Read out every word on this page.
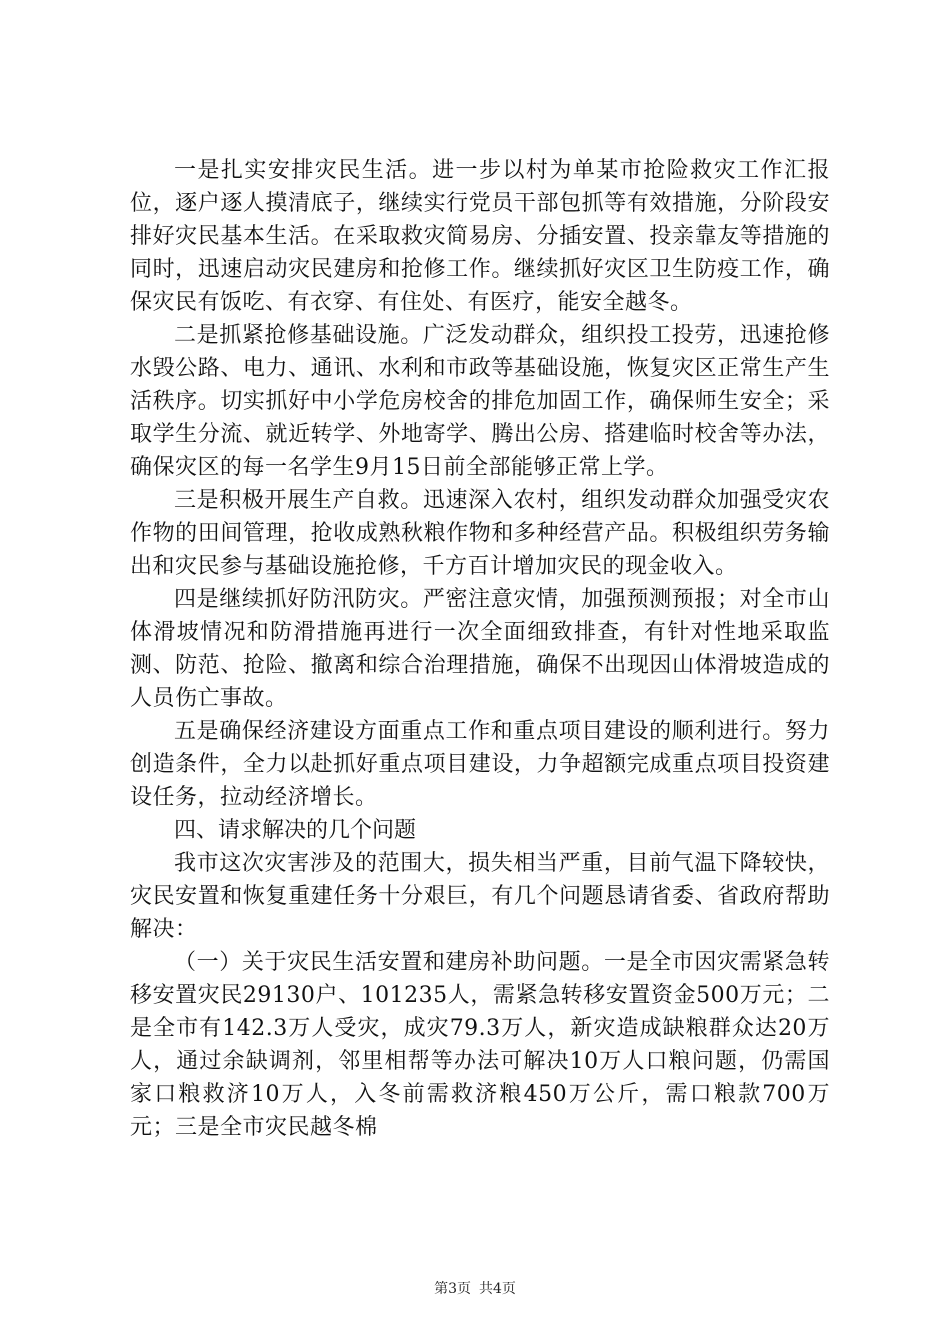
一是扎实安排灾民生活。进一步以村为单某市抢险救灾工作汇报位，逐户逐人摸清底子，继续实行党员干部包抓等有效措施，分阶段安排好灾民基本生活。在采取救灾简易房、分插安置、投亲靠友等措施的同时，迅速启动灾民建房和抢修工作。继续抓好灾区卫生防疫工作，确保灾民有饭吃、有衣穿、有住处、有医疗，能安全越冬。

二是抓紧抢修基础设施。广泛发动群众，组织投工投劳，迅速抢修水毁公路、电力、通讯、水利和市政等基础设施，恢复灾区正常生产生活秩序。切实抓好中小学危房校舍的排危加固工作，确保师生安全；采取学生分流、就近转学、外地寄学、腾出公房、搭建临时校舍等办法，确保灾区的每一名学生9月15日前全部能够正常上学。

三是积极开展生产自救。迅速深入农村，组织发动群众加强受灾农作物的田间管理，抢收成熟秋粮作物和多种经营产品。积极组织劳务输出和灾民参与基础设施抢修，千方百计增加灾民的现金收入。

四是继续抓好防汛防灾。严密注意灾情，加强预测预报；对全市山体滑坡情况和防滑措施再进行一次全面细致排查，有针对性地采取监测、防范、抢险、撤离和综合治理措施，确保不出现因山体滑坡造成的人员伤亡事故。

五是确保经济建设方面重点工作和重点项目建设的顺利进行。努力创造条件，全力以赴抓好重点项目建设，力争超额完成重点项目投资建设任务，拉动经济增长。

四、请求解决的几个问题

我市这次灾害涉及的范围大，损失相当严重，目前气温下降较快，灾民安置和恢复重建任务十分艰巨，有几个问题恳请省委、省政府帮助解决：

（一）关于灾民生活安置和建房补助问题。一是全市因灾需紧急转移安置灾民29130户、101235人，需紧急转移安置资金500万元；二是全市有142.3万人受灾，成灾79.3万人，新灾造成缺粮群众达20万人，通过余缺调剂，邻里相帮等办法可解决10万人口粮问题，仍需国家口粮救济10万人，入冬前需救济粮450万公斤，需口粮款700万元；三是全市灾民越冬棉

第3页 共4页
